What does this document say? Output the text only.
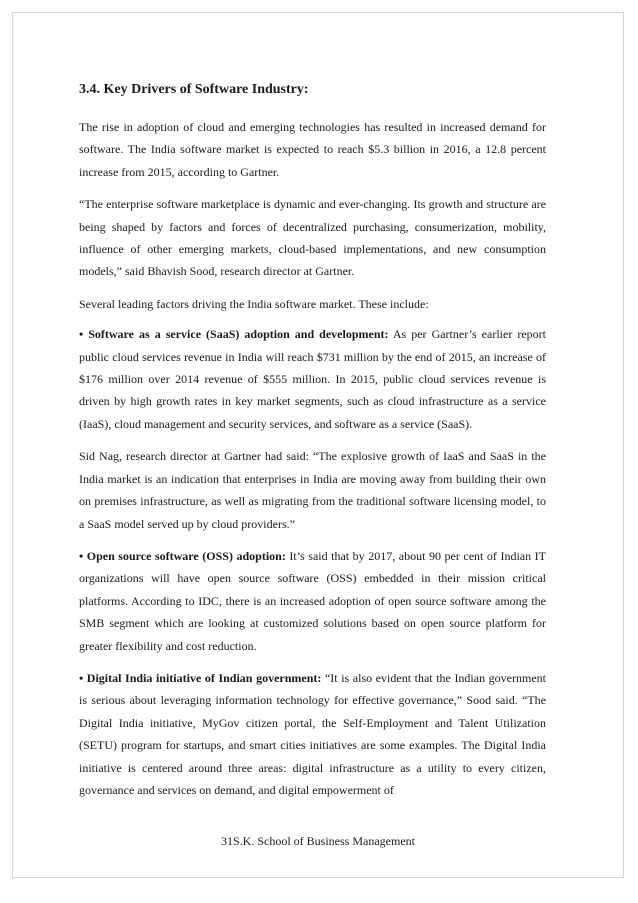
3.4. Key Drivers of Software Industry:

The rise in adoption of cloud and emerging technologies has resulted in increased demand for software. The India software market is expected to reach $5.3 billion in 2016, a 12.8 percent increase from 2015, according to Gartner.

“The enterprise software marketplace is dynamic and ever-changing. Its growth and structure are being shaped by factors and forces of decentralized purchasing, consumerization, mobility, influence of other emerging markets, cloud-based implementations, and new consumption models,” said Bhavish Sood, research director at Gartner.

Several leading factors driving the India software market. These include:

• Software as a service (SaaS) adoption and development: As per Gartner’s earlier report public cloud services revenue in India will reach $731 million by the end of 2015, an increase of $176 million over 2014 revenue of $555 million. In 2015, public cloud services revenue is driven by high growth rates in key market segments, such as cloud infrastructure as a service (IaaS), cloud management and security services, and software as a service (SaaS).

Sid Nag, research director at Gartner had said: “The explosive growth of IaaS and SaaS in the India market is an indication that enterprises in India are moving away from building their own on premises infrastructure, as well as migrating from the traditional software licensing model, to a SaaS model served up by cloud providers.”

• Open source software (OSS) adoption: It’s said that by 2017, about 90 per cent of Indian IT organizations will have open source software (OSS) embedded in their mission critical platforms. According to IDC, there is an increased adoption of open source software among the SMB segment which are looking at customized solutions based on open source platform for greater flexibility and cost reduction.

• Digital India initiative of Indian government: “It is also evident that the Indian government is serious about leveraging information technology for effective governance,” Sood said. “The Digital India initiative, MyGov citizen portal, the Self-Employment and Talent Utilization (SETU) program for startups, and smart cities initiatives are some examples. The Digital India initiative is centered around three areas: digital infrastructure as a utility to every citizen, governance and services on demand, and digital empowerment of

31S.K. School of Business Management
